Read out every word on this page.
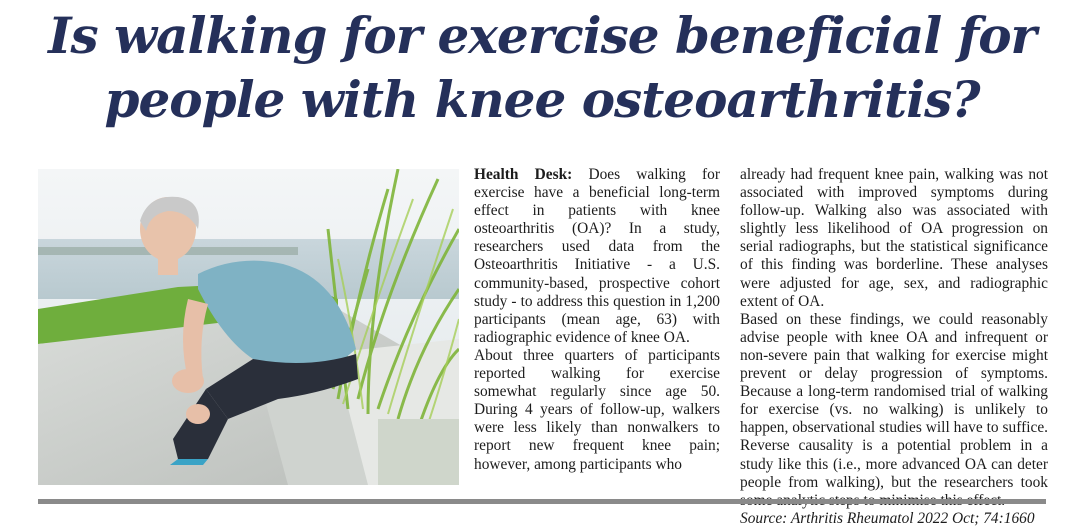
Is walking for exercise beneficial for
people with knee osteoarthritis?

Health Desk: Does walking for exercise have a beneficial long-term effect in patients with knee osteoarthritis (OA)? In a study, researchers used data from the Osteoarthritis Initiative - a U.S. community-based, prospective cohort study - to address this question in 1,200 participants (mean age, 63) with radiographic evidence of knee OA.

About three quarters of participants reported walking for exercise somewhat regularly since age 50. During 4 years of follow-up, walkers were less likely than nonwalkers to report new frequent knee pain; however, among participants who

already had frequent knee pain, walking was not associated with improved symptoms during follow-up. Walking also was associated with slightly less likelihood of OA progression on serial radiographs, but the statistical significance of this finding was borderline. These analyses were adjusted for age, sex, and radiographic extent of OA.

Based on these findings, we could reasonably advise people with knee OA and infrequent or non-severe pain that walking for exercise might prevent or delay progression of symptoms. Because a long-term randomised trial of walking for exercise (vs. no walking) is unlikely to happen, observational studies will have to suffice. Reverse causality is a potential problem in a study like this (i.e., more advanced OA can deter people from walking), but the researchers took

Source: Arthritis Rheumatol 2022 Oct; 74:1660
